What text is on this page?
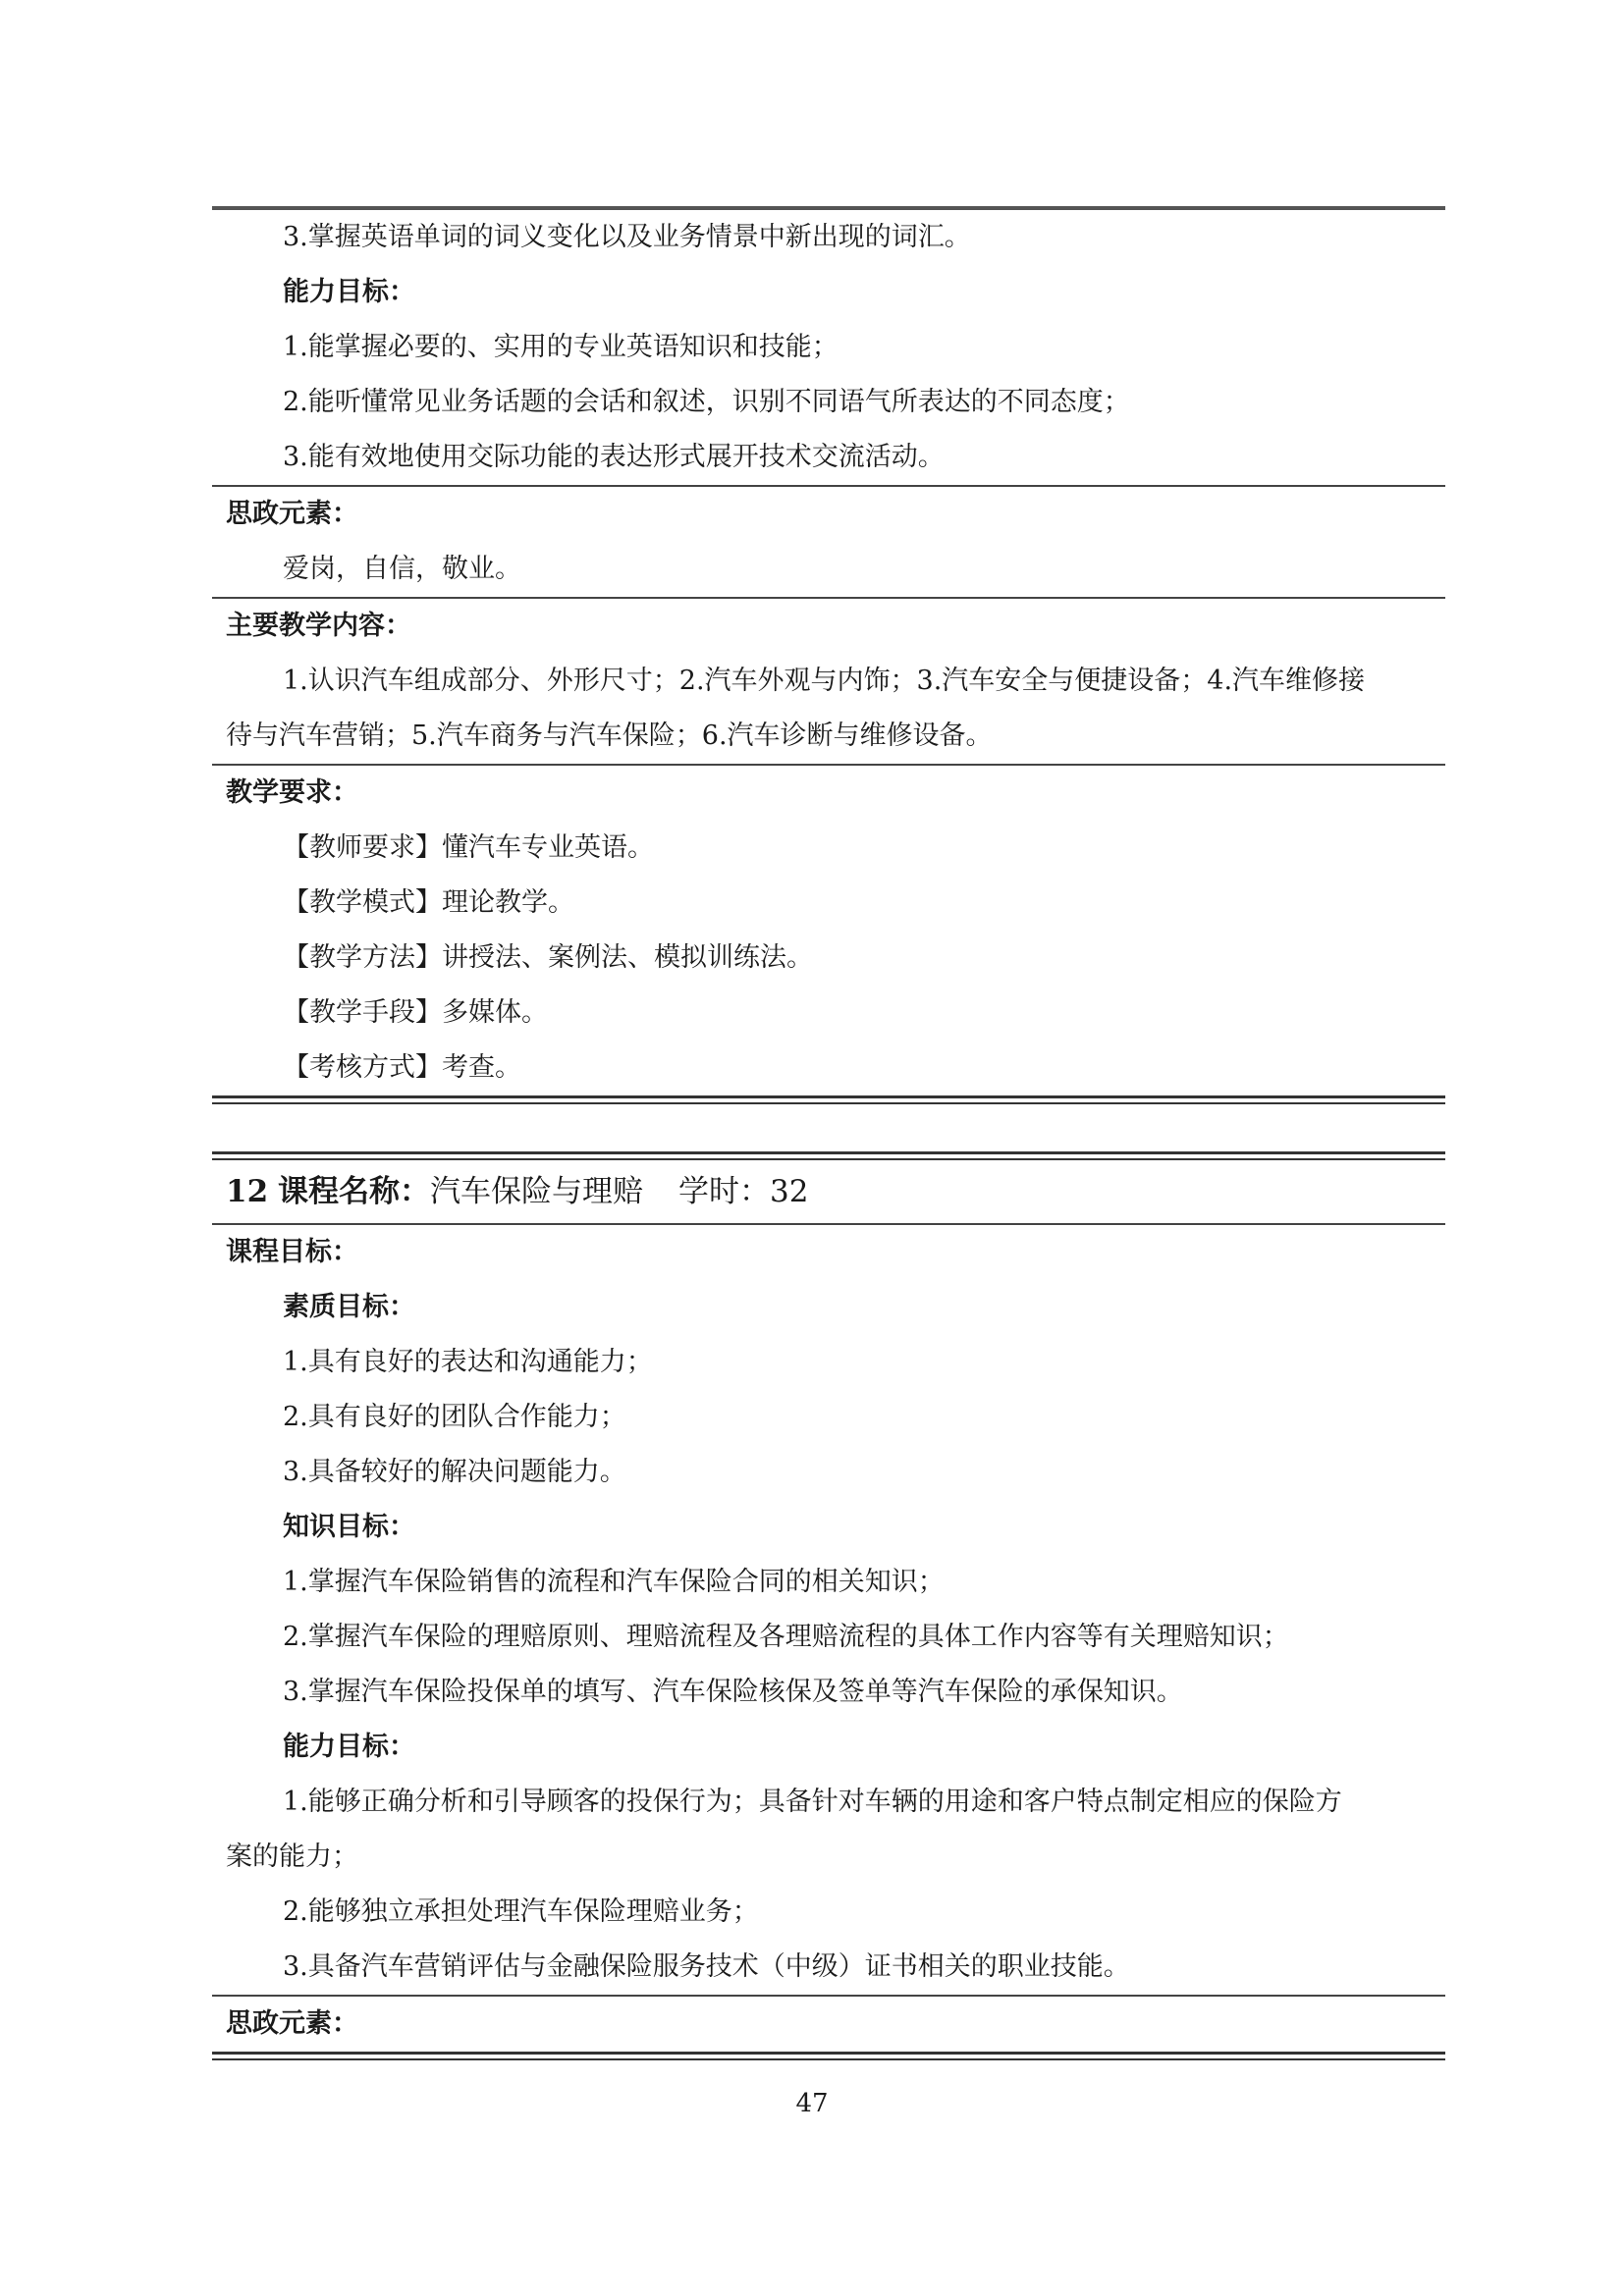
3.掌握英语单词的词义变化以及业务情景中新出现的词汇。
能力目标：
1.能掌握必要的、实用的专业英语知识和技能；
2.能听懂常见业务话题的会话和叙述，识别不同语气所表达的不同态度；
3.能有效地使用交际功能的表达形式展开技术交流活动。
思政元素：
爱岗，自信，敬业。
主要教学内容：
1.认识汽车组成部分、外形尺寸；2.汽车外观与内饰；3.汽车安全与便捷设备；4.汽车维修接
待与汽车营销；5.汽车商务与汽车保险；6.汽车诊断与维修设备。
教学要求：
【教师要求】懂汽车专业英语。
【教学模式】理论教学。
【教学方法】讲授法、案例法、模拟训练法。
【教学手段】多媒体。
【考核方式】考查。
12 课程名称：汽车保险与理赔 学时：32
课程目标：
素质目标：
1.具有良好的表达和沟通能力；
2.具有良好的团队合作能力；
3.具备较好的解决问题能力。
知识目标：
1.掌握汽车保险销售的流程和汽车保险合同的相关知识；
2.掌握汽车保险的理赔原则、理赔流程及各理赔流程的具体工作内容等有关理赔知识；
3.掌握汽车保险投保单的填写、汽车保险核保及签单等汽车保险的承保知识。
能力目标：
1.能够正确分析和引导顾客的投保行为；具备针对车辆的用途和客户特点制定相应的保险方
案的能力；
2.能够独立承担处理汽车保险理赔业务；
3.具备汽车营销评估与金融保险服务技术（中级）证书相关的职业技能。
思政元素：
47
